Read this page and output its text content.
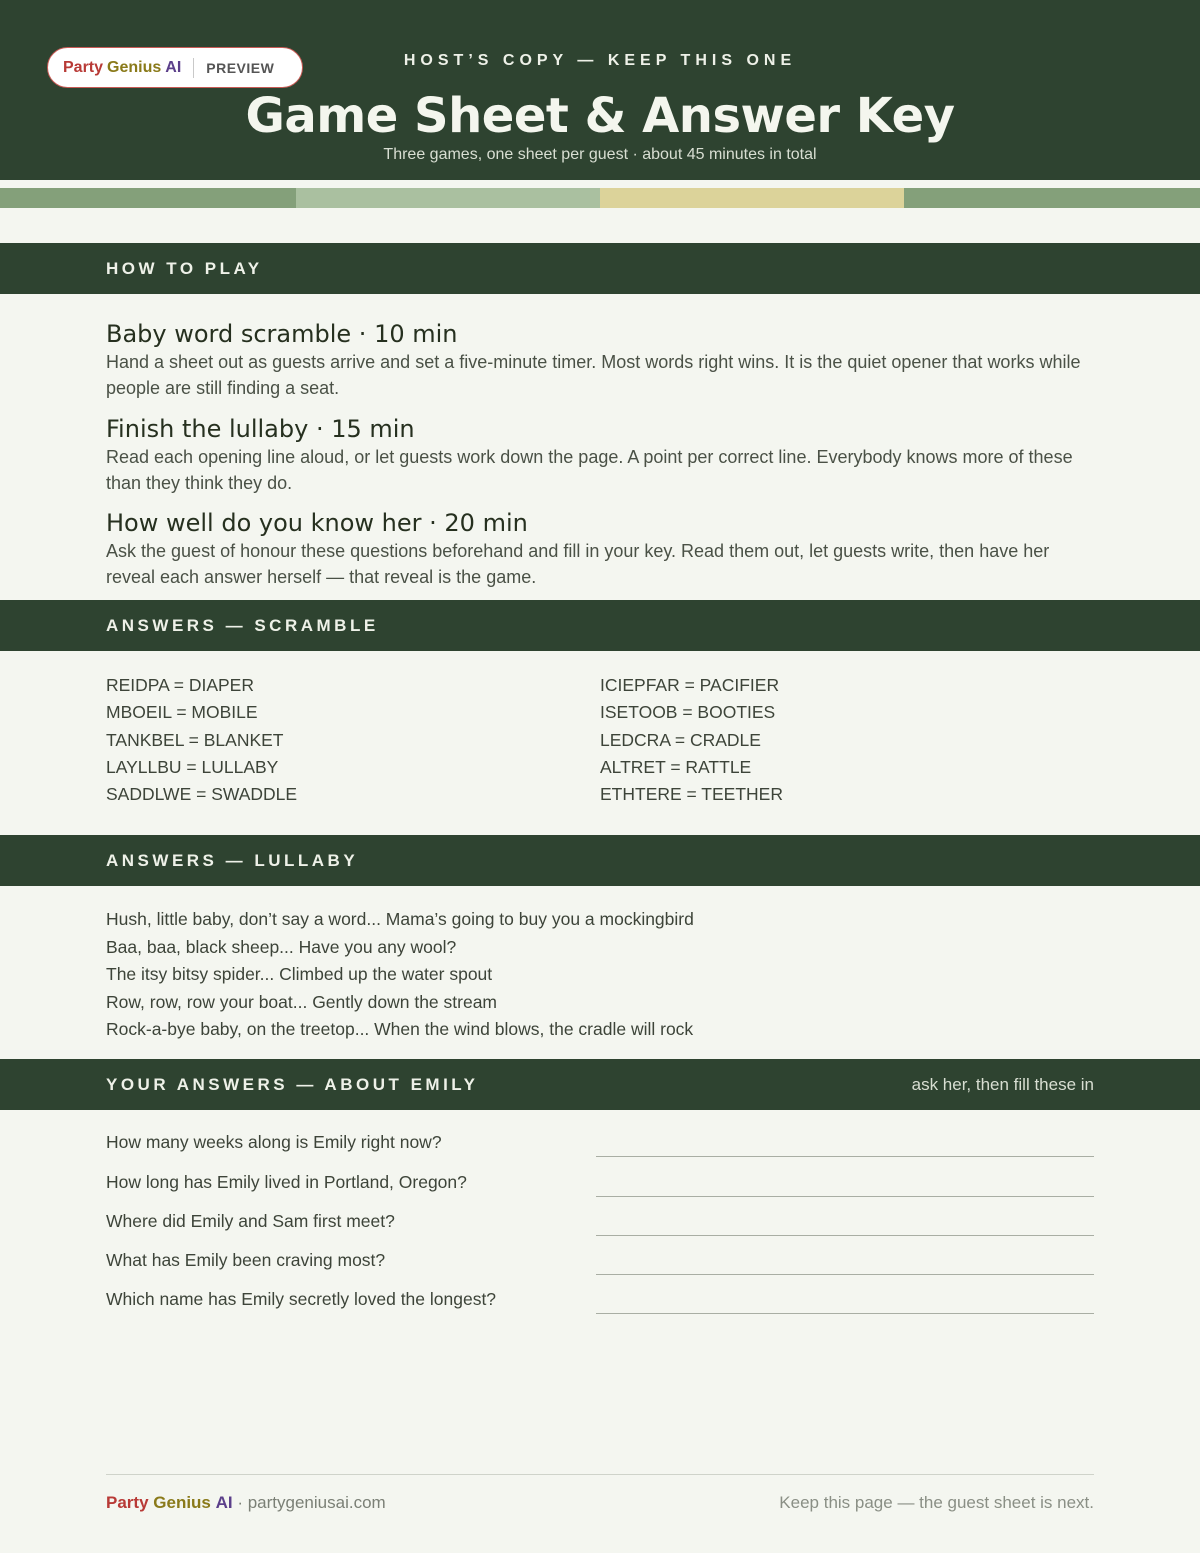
Party Genius AI PREVIEW	HOST’S COPY — KEEP THIS ONE
Game Sheet & Answer Key
Three games, one sheet per guest · about 45 minutes in total
HOW TO PLAY
Baby word scramble · 10 min
Hand a sheet out as guests arrive and set a five-minute timer. Most words right wins. It is the quiet opener that works while people are still finding a seat.
Finish the lullaby · 15 min
Read each opening line aloud, or let guests work down the page. A point per correct line. Everybody knows more of these than they think they do.
How well do you know her · 20 min
Ask the guest of honour these questions beforehand and fill in your key. Read them out, let guests write, then have her reveal each answer herself — that reveal is the game.
ANSWERS — SCRAMBLE
REIDPA = DIAPER
MBOEIL = MOBILE
TANKBEL = BLANKET
LAYLLBU = LULLABY
SADDLWE = SWADDLE
ICIEPFAR = PACIFIER
ISETOOB = BOOTIES
LEDCRA = CRADLE
ALTRET = RATTLE
ETHTERE = TEETHER
ANSWERS — LULLABY
Hush, little baby, don’t say a word... Mama’s going to buy you a mockingbird
Baa, baa, black sheep... Have you any wool?
The itsy bitsy spider... Climbed up the water spout
Row, row, row your boat... Gently down the stream
Rock-a-bye baby, on the treetop... When the wind blows, the cradle will rock
YOUR ANSWERS — ABOUT EMILY	ask her, then fill these in
How many weeks along is Emily right now?
How long has Emily lived in Portland, Oregon?
Where did Emily and Sam first meet?
What has Emily been craving most?
Which name has Emily secretly loved the longest?
Party Genius AI · partygeniusai.com	Keep this page — the guest sheet is next.
